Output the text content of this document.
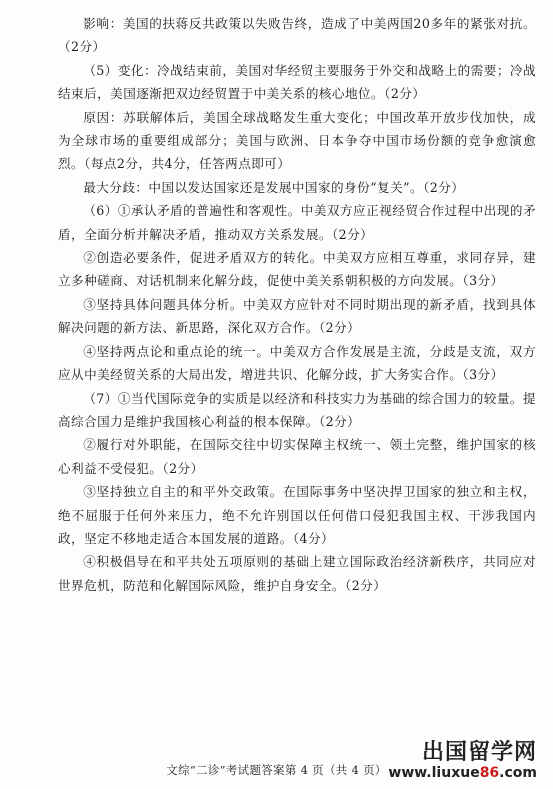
影响：美国的扶蒋反共政策以失败告终，造成了中美两国20多年的紧张对抗。（2分）

（5）变化：冷战结束前，美国对华经贸主要服务于外交和战略上的需要；冷战结束后，美国逐渐把双边经贸置于中美关系的核心地位。（2分）

原因：苏联解体后，美国全球战略发生重大变化；中国改革开放步伐加快，成为全球市场的重要组成部分；美国与欧洲、日本争夺中国市场份额的竞争愈演愈烈。（每点2分，共4分，任答两点即可）

最大分歧：中国以发达国家还是发展中国家的身份“复关”。（2分）

（6）①承认矛盾的普遍性和客观性。中美双方应正视经贸合作过程中出现的矛盾，全面分析并解决矛盾，推动双方关系发展。（2分）

②创造必要条件，促进矛盾双方的转化。中美双方应相互尊重，求同存异，建立多种磋商、对话机制来化解分歧，促使中美关系朝积极的方向发展。（3分）

③坚持具体问题具体分析。中美双方应针对不同时期出现的新矛盾，找到具体解决问题的新方法、新思路，深化双方合作。（2分）

④坚持两点论和重点论的统一。中美双方合作发展是主流，分歧是支流，双方应从中美经贸关系的大局出发，增进共识、化解分歧，扩大务实合作。（3分）

（7）①当代国际竞争的实质是以经济和科技实力为基础的综合国力的较量。提高综合国力是维护我国核心利益的根本保障。（2分）

②履行对外职能，在国际交往中切实保障主权统一、领土完整，维护国家的核心利益不受侵犯。（2分）

③坚持独立自主的和平外交政策。在国际事务中坚决捍卫国家的独立和主权，绝不屈服于任何外来压力，绝不允许别国以任何借口侵犯我国主权、干涉我国内政，坚定不移地走适合本国发展的道路。（4分）

④积极倡导在和平共处五项原则的基础上建立国际政治经济新秩序，共同应对世界危机，防范和化解国际风险，维护自身安全。（2分）

文综“二诊”考试题答案第 4 页（共 4 页）
出国留学网
www.liuxue86.com
